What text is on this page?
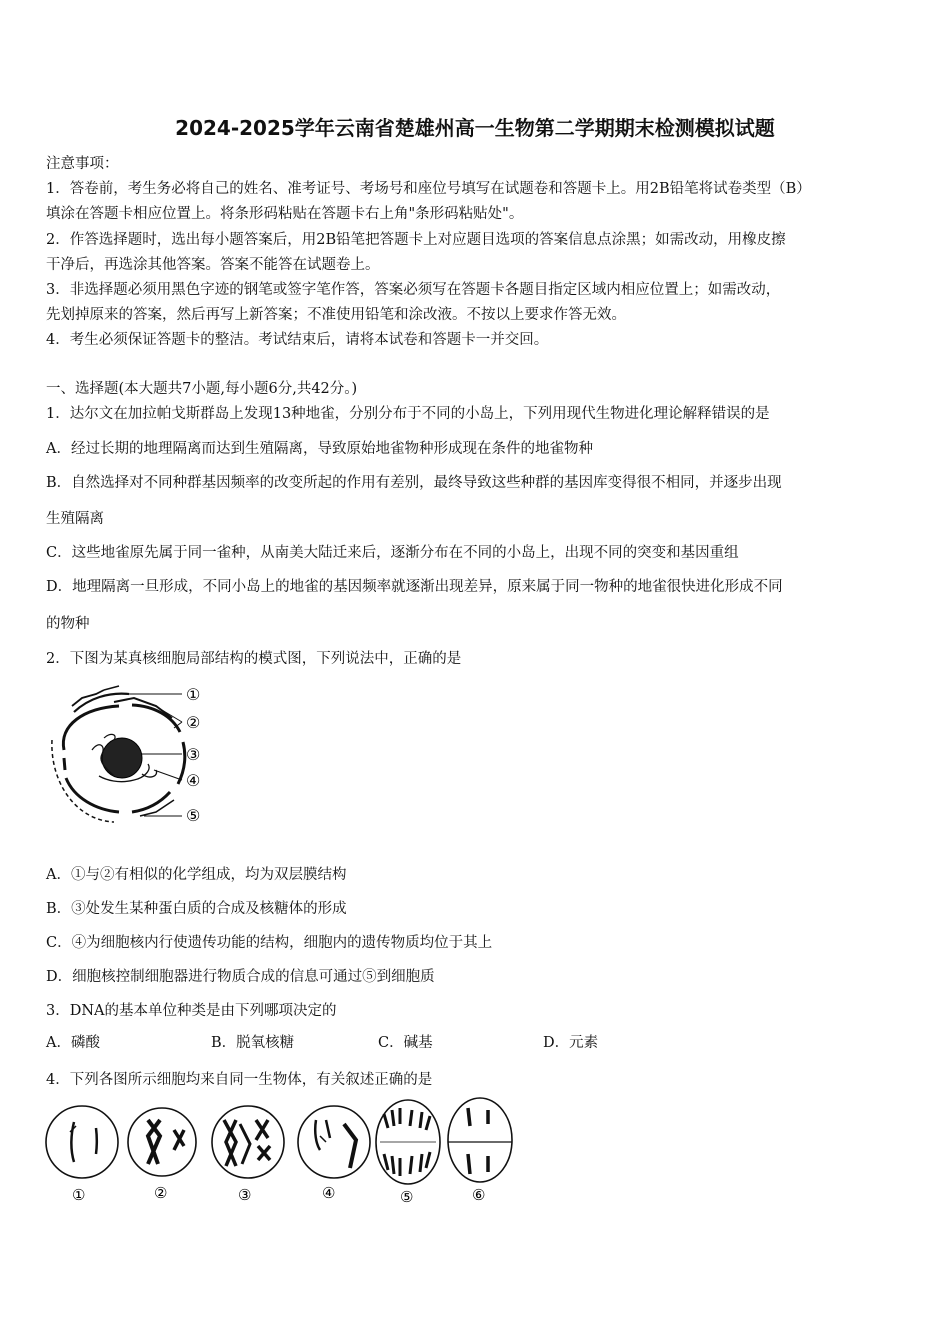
2024-2025学年云南省楚雄州高一生物第二学期期末检测模拟试题
注意事项：
1．答卷前，考生务必将自己的姓名、准考证号、考场号和座位号填写在试题卷和答题卡上。用2B铅笔将试卷类型（B）
填涂在答题卡相应位置上。将条形码粘贴在答题卡右上角"条形码粘贴处"。
2．作答选择题时，选出每小题答案后，用2B铅笔把答题卡上对应题目选项的答案信息点涂黑；如需改动，用橡皮擦
干净后，再选涂其他答案。答案不能答在试题卷上。
3．非选择题必须用黑色字迹的钢笔或签字笔作答，答案必须写在答题卡各题目指定区域内相应位置上；如需改动，
先划掉原来的答案，然后再写上新答案；不准使用铅笔和涂改液。不按以上要求作答无效。
4．考生必须保证答题卡的整洁。考试结束后，请将本试卷和答题卡一并交回。
一、选择题(本大题共7小题,每小题6分,共42分。)
1．达尔文在加拉帕戈斯群岛上发现13种地雀，分别分布于不同的小岛上，下列用现代生物进化理论解释错误的是
A．经过长期的地理隔离而达到生殖隔离，导致原始地雀物种形成现在条件的地雀物种
B．自然选择对不同种群基因频率的改变所起的作用有差别，最终导致这些种群的基因库变得很不相同，并逐步出现
生殖隔离
C．这些地雀原先属于同一雀种，从南美大陆迁来后，逐渐分布在不同的小岛上，出现不同的突变和基因重组
D．地理隔离一旦形成，不同小岛上的地雀的基因频率就逐渐出现差异，原来属于同一物种的地雀很快进化形成不同
的物种
2．下图为某真核细胞局部结构的模式图，下列说法中，正确的是
①
②
③
④
⑤
A．①与②有相似的化学组成，均为双层膜结构
B．③处发生某种蛋白质的合成及核糖体的形成
C．④为细胞核内行使遗传功能的结构，细胞内的遗传物质均位于其上
D．细胞核控制细胞器进行物质合成的信息可通过⑤到细胞质
3．DNA的基本单位种类是由下列哪项决定的
A．磷酸	B．脱氧核糖	C．碱基	D．元素
4．下列各图所示细胞均来自同一生物体，有关叙述正确的是
①	②	③	④	⑤	⑥
